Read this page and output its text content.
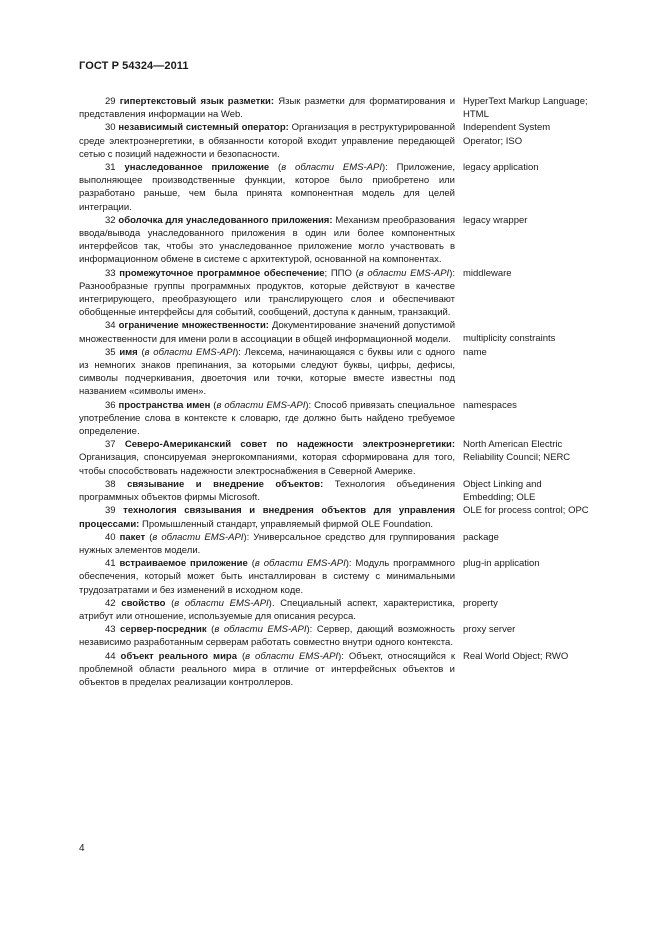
ГОСТ Р 54324—2011
29 гипертекстовый язык разметки: Язык разметки для форматирования и представления информации на Web.
HyperText Markup Language; HTML
30 независимый системный оператор: Организация в реструктурированной среде электроэнергетики, в обязанности которой входит управление передающей сетью с позиций надежности и безопасности.
Independent System Operator; ISO
31 унаследованное приложение (в области EMS-API): Приложение, выполняющее производственные функции, которое было приобретено или разработано раньше, чем была принята компонентная модель для целей интеграции.
legacy application
32 оболочка для унаследованного приложения: Механизм преобразования ввода/вывода унаследованного приложения в один или более компонентных интерфейсов так, чтобы это унаследованное приложение могло участвовать в информационном обмене в системе с архитектурой, основанной на компонентах.
legacy wrapper
33 промежуточное программное обеспечение; ППО (в области EMS-API): Разнообразные группы программных продуктов, которые действуют в качестве интегрирующего, преобразующего или транслирующего слоя и обеспечивают обобщенные интерфейсы для событий, сообщений, доступа к данным, транзакций.
middleware
34 ограничение множественности: Документирование значений допустимой множественности для имени роли в ассоциации в общей информационной модели.	multiplicity constraints
35 имя (в области EMS-API): Лексема, начинающаяся с буквы или с одного из немногих знаков препинания, за которыми следуют буквы, цифры, дефисы, символы подчеркивания, двоеточия или точки, которые вместе известны под названием «символы имен».
name
36 пространства имен (в области EMS-API): Способ привязать специальное употребление слова в контексте к словарю, где должно быть найдено требуемое определение.
namespaces
37 Северо-Американский совет по надежности электроэнергетики: Организация, спонсируемая энергокомпаниями, которая сформирована для того, чтобы способствовать надежности электроснабжения в Северной Америке.
North American Electric Reliability Council; NERC
38 связывание и внедрение объектов: Технология объединения программных объектов фирмы Microsoft.
Object Linking and Embedding; OLE
39 технология связывания и внедрения объектов для управления процессами: Промышленный стандарт, управляемый фирмой OLE Foundation.
OLE for process control; OPC
40 пакет (в области EMS-API): Универсальное средство для группирования нужных элементов модели.
package
41 встраиваемое приложение (в области EMS-API): Модуль программного обеспечения, который может быть инсталлирован в систему с минимальными трудозатратами и без изменений в исходном коде.
plug-in application
42 свойство (в области EMS-API). Специальный аспект, характеристика, атрибут или отношение, используемые для описания ресурса.
property
43 сервер-посредник (в области EMS-API): Сервер, дающий возможность независимо разработанным серверам работать совместно внутри одного контекста.
proxy server
44 объект реального мира (в области EMS-API): Объект, относящийся к проблемной области реального мира в отличие от интерфейсных объектов и объектов в пределах реализации контроллеров.
Real World Object; RWO
4
